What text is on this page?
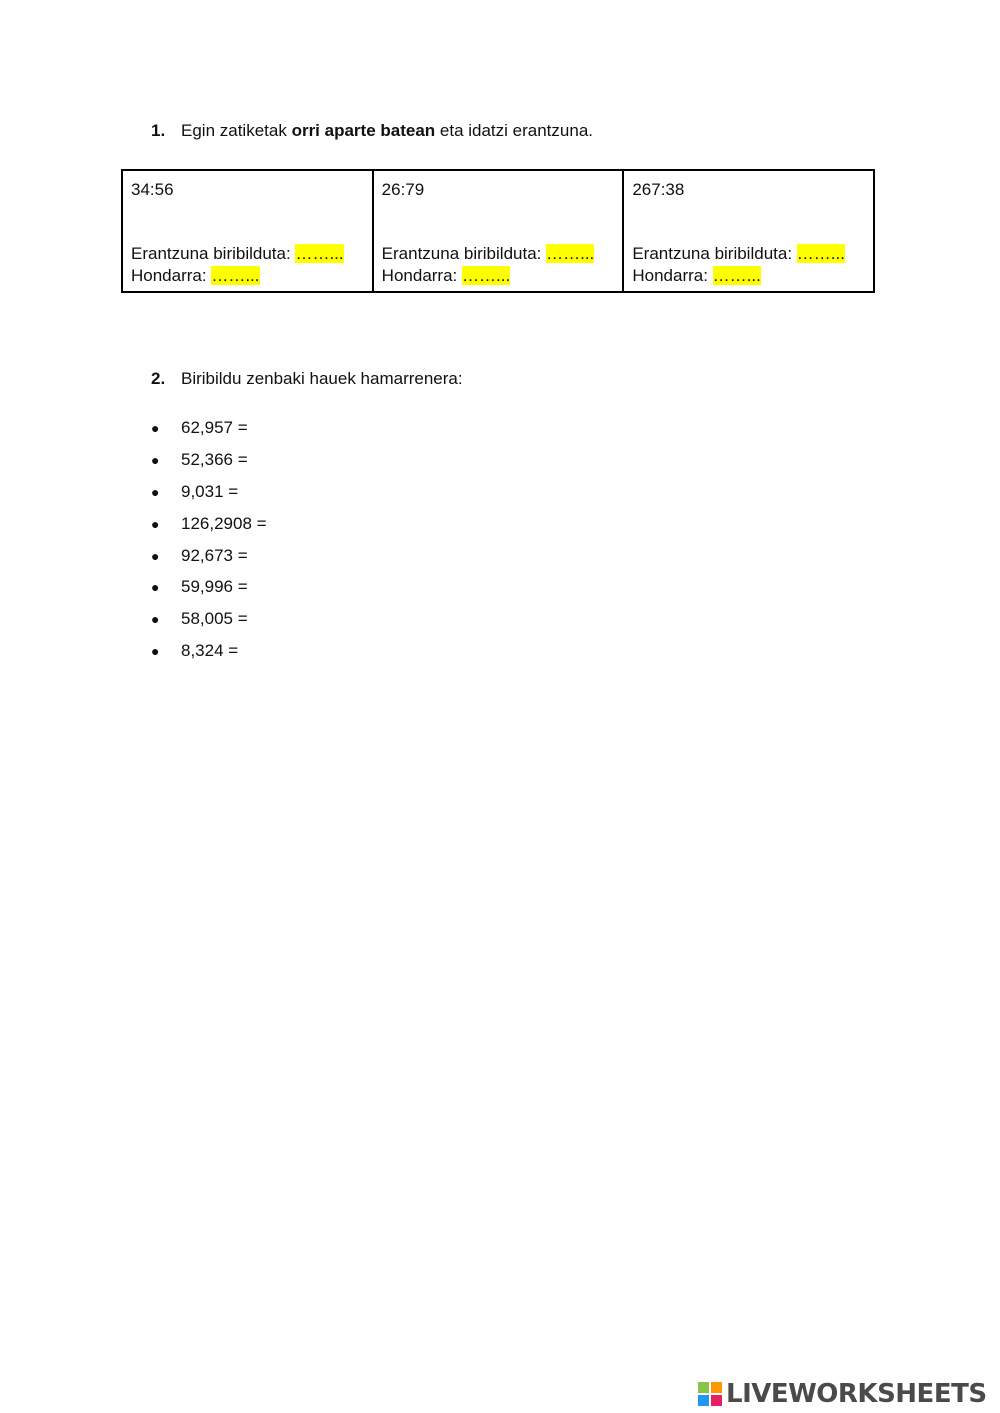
1. Egin zatiketak orri aparte batean eta idatzi erantzuna.
34:56
Erantzuna biribilduta: ……...
Hondarra: ……...
26:79
Erantzuna biribilduta: ……...
Hondarra: ……...
267:38
Erantzuna biribilduta: ……...
Hondarra: ……...
2. Biribildu zenbaki hauek hamarrenera:
●	62,957 =
●	52,366 =
●	9,031 =
●	126,2908 =
●	92,673 =
●	59,996 =
●	58,005 =
●	8,324 =
LIVEWORKSHEETS
